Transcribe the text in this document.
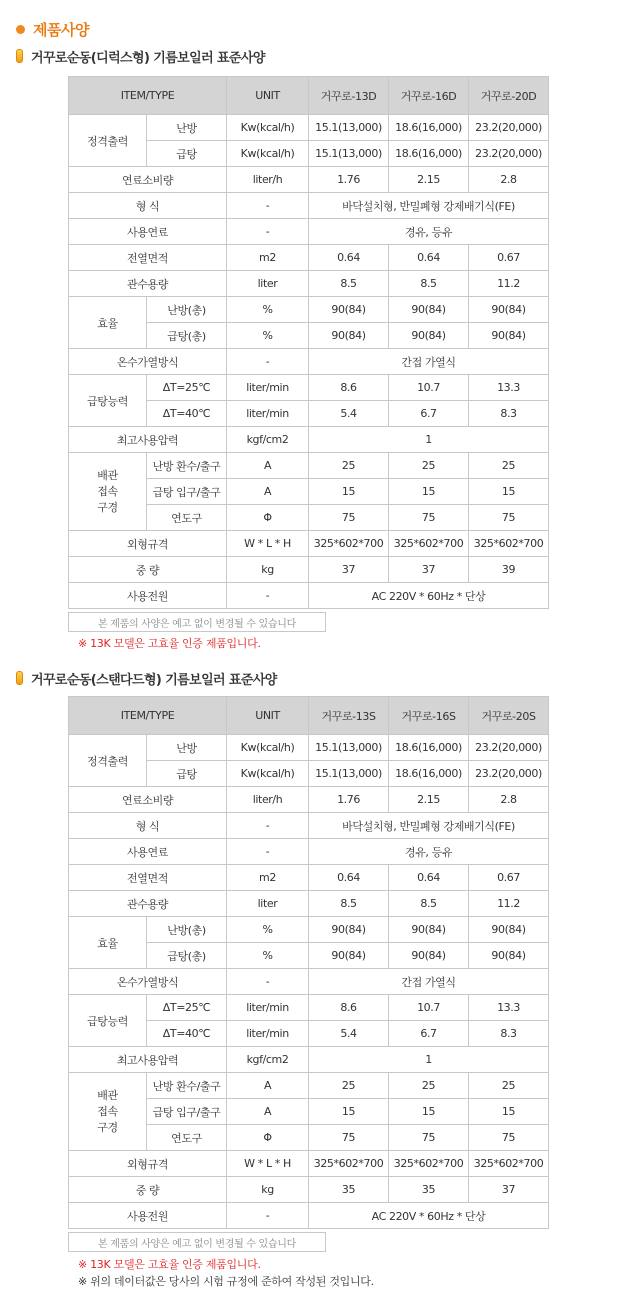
제품사양
거꾸로순동(디럭스형) 기름보일러 표준사양
ITEM/TYPE		UNIT	거꾸로-13D	거꾸로-16D	거꾸로-20D
정격출력	난방	Kw(kcal/h)	15.1(13,000)	18.6(16,000)	23.2(20,000)
	급탕	Kw(kcal/h)	15.1(13,000)	18.6(16,000)	23.2(20,000)
연료소비량		liter/h	1.76	2.15	2.8
형 식		-	바닥설치형, 반밀폐형 강제배기식(FE)		
사용연료		-	경유, 등유		
전열면적		m2	0.64	0.64	0.67
관수용량		liter	8.5	8.5	11.2
효율	난방(총)	%	90(84)	90(84)	90(84)
	급탕(총)	%	90(84)	90(84)	90(84)
온수가열방식		-	간접 가열식		
급탕능력	ΔT=25℃	liter/min	8.6	10.7	13.3
	ΔT=40℃	liter/min	5.4	6.7	8.3
최고사용압력		kgf/cm2	1		
배관
접속
구경	난방 환수/출구	A	25	25	25
	급탕 입구/출구	A	15	15	15
	연도구	Φ	75	75	75
외형규격		W * L * H	325*602*700	325*602*700	325*602*700
중 량		kg	37	37	39
사용전원		-	AC 220V * 60Hz * 단상		
본 제품의 사양은 예고 없이 변경될 수 있습니다
※ 13K 모델은 고효율 인증 제품입니다.
거꾸로순동(스탠다드형) 기름보일러 표준사양
ITEM/TYPE		UNIT	거꾸로-13S	거꾸로-16S	거꾸로-20S
정격출력	난방	Kw(kcal/h)	15.1(13,000)	18.6(16,000)	23.2(20,000)
	급탕	Kw(kcal/h)	15.1(13,000)	18.6(16,000)	23.2(20,000)
연료소비량		liter/h	1.76	2.15	2.8
형 식		-	바닥설치형, 반밀폐형 강제배기식(FE)		
사용연료		-	경유, 등유		
전열면적		m2	0.64	0.64	0.67
관수용량		liter	8.5	8.5	11.2
효율	난방(총)	%	90(84)	90(84)	90(84)
	급탕(총)	%	90(84)	90(84)	90(84)
온수가열방식		-	간접 가열식		
급탕능력	ΔT=25℃	liter/min	8.6	10.7	13.3
	ΔT=40℃	liter/min	5.4	6.7	8.3
최고사용압력		kgf/cm2	1		
배관
접속
구경	난방 환수/출구	A	25	25	25
	급탕 입구/출구	A	15	15	15
	연도구	Φ	75	75	75
외형규격		W * L * H	325*602*700	325*602*700	325*602*700
중 량		kg	35	35	37
사용전원		-	AC 220V * 60Hz * 단상		
본 제품의 사양은 예고 없이 변경될 수 있습니다
※ 13K 모델은 고효율 인증 제품입니다.
※ 위의 데이터값은 당사의 시험 규정에 준하여 작성된 것입니다.
